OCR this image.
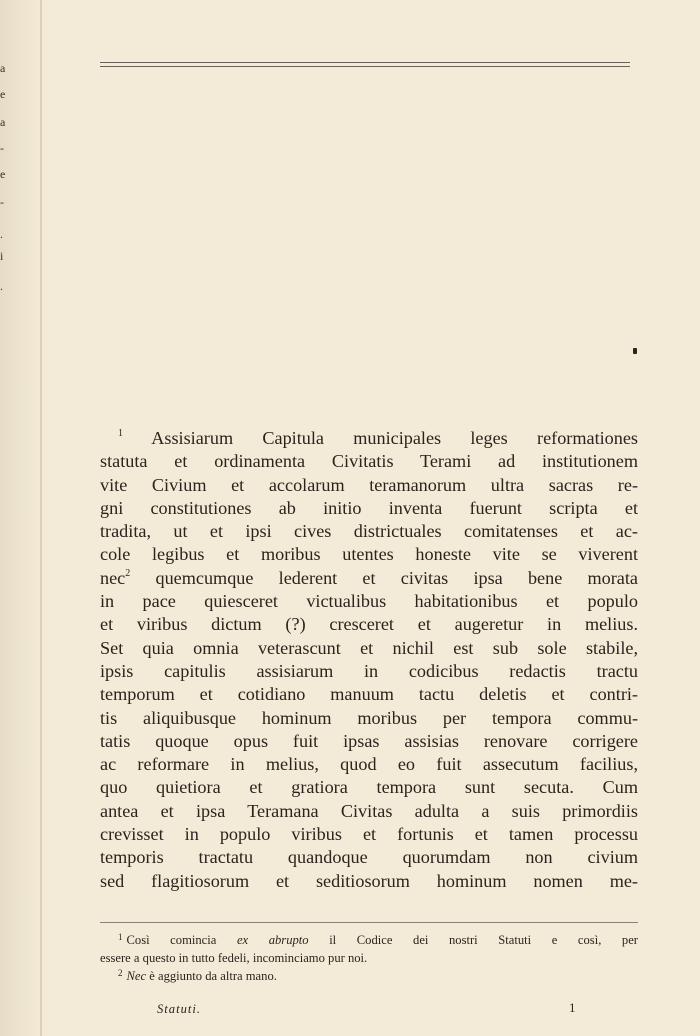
a
e
a
-
e
-
.
i
.
$^1$ Assisiarum Capitula municipales leges reformationes
statuta et ordinamenta Civitatis Terami ad institutionem
vite Civium et accolarum teramanorum ultra sacras re-
gni constitutiones ab initio inventa fuerunt scripta et
tradita, ut et ipsi cives districtuales comitatenses et ac-
cole legibus et moribus utentes honeste vite se viverent
nec$^2$ quemcumque lederent et civitas ipsa bene morata
in pace quiesceret victualibus habitationibus et populo
et viribus dictum (?) cresceret et augeretur in melius.
Set quia omnia veterascunt et nichil est sub sole stabile,
ipsis capitulis assisiarum in codicibus redactis tractu
temporum et cotidiano manuum tactu deletis et contri-
tis aliquibusque hominum moribus per tempora commu-
tatis quoque opus fuit ipsas assisias renovare corrigere
ac reformare in melius, quod eo fuit assecutum facilius,
quo quietiora et gratiora tempora sunt secuta. Cum
antea et ipsa Teramana Civitas adulta a suis primordiis
crevisset in populo viribus et fortunis et tamen processu
temporis tractatu quandoque quorumdam non civium
sed flagitiosorum et seditiosorum hominum nomen me-
$^1$ Così comincia ex abrupto il Codice dei nostri Statuti e così, per
essere a questo in tutto fedeli, incominciamo pur noi.
$^2$ Nec è aggiunto da altra mano.
Statuti.	1
